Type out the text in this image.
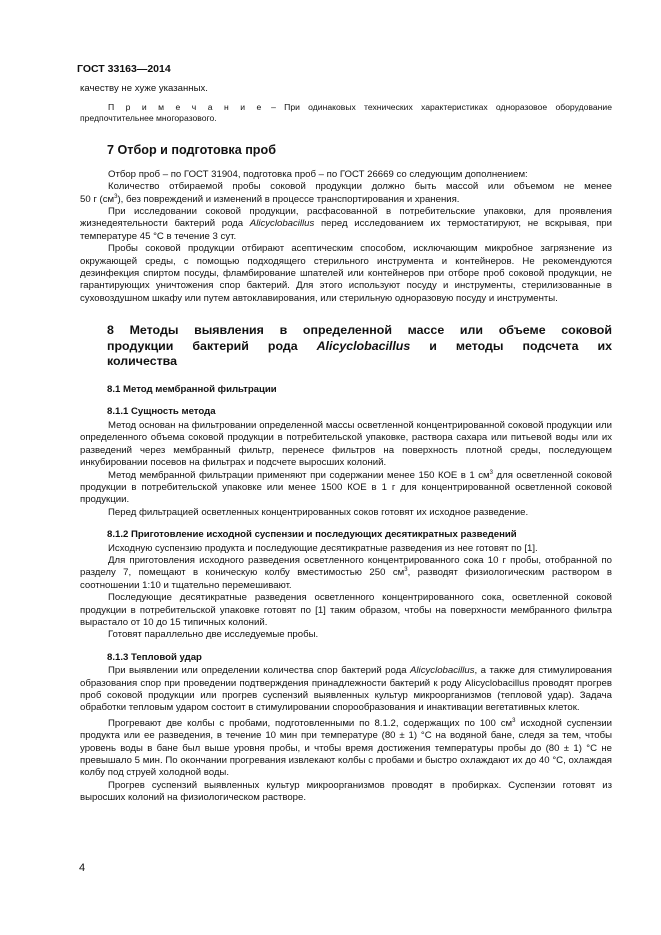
ГОСТ 33163—2014

качеству не хуже указанных.

П р и м е ч а н и е – При одинаковых технических характеристиках одноразовое оборудование

предпочтительнее многоразового.

7 Отбор и подготовка проб

Отбор проб – по ГОСТ 31904, подготовка проб – по ГОСТ 26669 со следующим дополнением:

Количество отбираемой пробы соковой продукции должно быть массой или объемом не менее

50 г $(см^3)$, без повреждений и изменений в процессе транспортирования и хранения.

При исследовании соковой продукции, расфасованной в потребительские упаковки, для проявления жизнедеятельности бактерий рода Alicyclobacillus перед исследованием их термостатируют, не вскрывая, при температуре 45 °С в течение 3 сут.

Пробы соковой продукции отбирают асептическим способом, исключающим микробное загрязнение из окружающей среды, с помощью подходящего стерильного инструмента и контейнеров. Не рекомендуются дезинфекция спиртом посуды, фламбирование шпателей или контейнеров при отборе проб соковой продукции, не гарантирующих уничтожения спор бактерий. Для этого используют посуду и инструменты, стерилизованные в суховоздушном шкафу или путем автоклавирования, или стерильную одноразовую посуду и инструменты.

8 Методы выявления в определенной массе или объеме соковой
продукции бактерий рода Alicyclobacillus и методы подсчета их
количества
8.1 Метод мембранной фильтрации
8.1.1 Сущность метода

Метод основан на фильтровании определенной массы осветленной концентрированной соковой продукции или определенного объема соковой продукции в потребительской упаковке, раствора сахара или питьевой воды или их разведений через мембранный фильтр, перенесе фильтров на поверхность плотной среды, последующем инкубировании посевов на фильтрах и подсчете выросших колоний.

Метод мембранной фильтрации применяют при содержании менее 150 КОЕ в 1 $см^3$ для осветленной соковой продукции в потребительской упаковке или менее 1500 КОЕ в 1 г для концентрированной осветленной соковой продукции.

Перед фильтрацией осветленных концентрированных соков готовят их исходное разведение.

8.1.2 Приготовление исходной суспензии и последующих десятикратных разведений

Исходную суспензию продукта и последующие десятикратные разведения из нее готовят по [1].

Для приготовления исходного разведения осветленного концентрированного сока 10 г пробы, отобранной по разделу 7, помещают в коническую колбу вместимостью 250 $см^3$, разводят физиологическим раствором в соотношении 1:10 и тщательно перемешивают.

Последующие десятикратные разведения осветленного концентрированного сока, осветленной соковой продукции в потребительской упаковке готовят по [1] таким образом, чтобы на поверхности мембранного фильтра вырастало от 10 до 15 типичных колоний.

Готовят параллельно две исследуемые пробы.

8.1.3 Тепловой удар

При выявлении или определении количества спор бактерий рода Alicyclobacillus, а также для стимулирования образования спор при проведении подтверждения принадлежности бактерий к роду Alicyclobacillus проводят прогрев проб соковой продукции или прогрев суспензий выявленных культур микроорганизмов (тепловой удар). Задача обработки тепловым ударом состоит в стимулировании спорообразования и инактивации вегетативных клеток.

Прогревают две колбы с пробами, подготовленными по 8.1.2, содержащих по 100 $см^3$ исходной суспензии продукта или ее разведения, в течение 10 мин при температуре (80 ± 1) °С на водяной бане, следя за тем, чтобы уровень воды в бане был выше уровня пробы, и чтобы время достижения температуры пробы до (80 ± 1) °С не превышало 5 мин. По окончании прогревания извлекают колбы с пробами и быстро охлаждают их до 40 °С, охлаждая колбу под струей холодной воды.

Прогрев суспензий выявленных культур микроорганизмов проводят в пробирках. Суспензии готовят из выросших колоний на физиологическом растворе.

4
